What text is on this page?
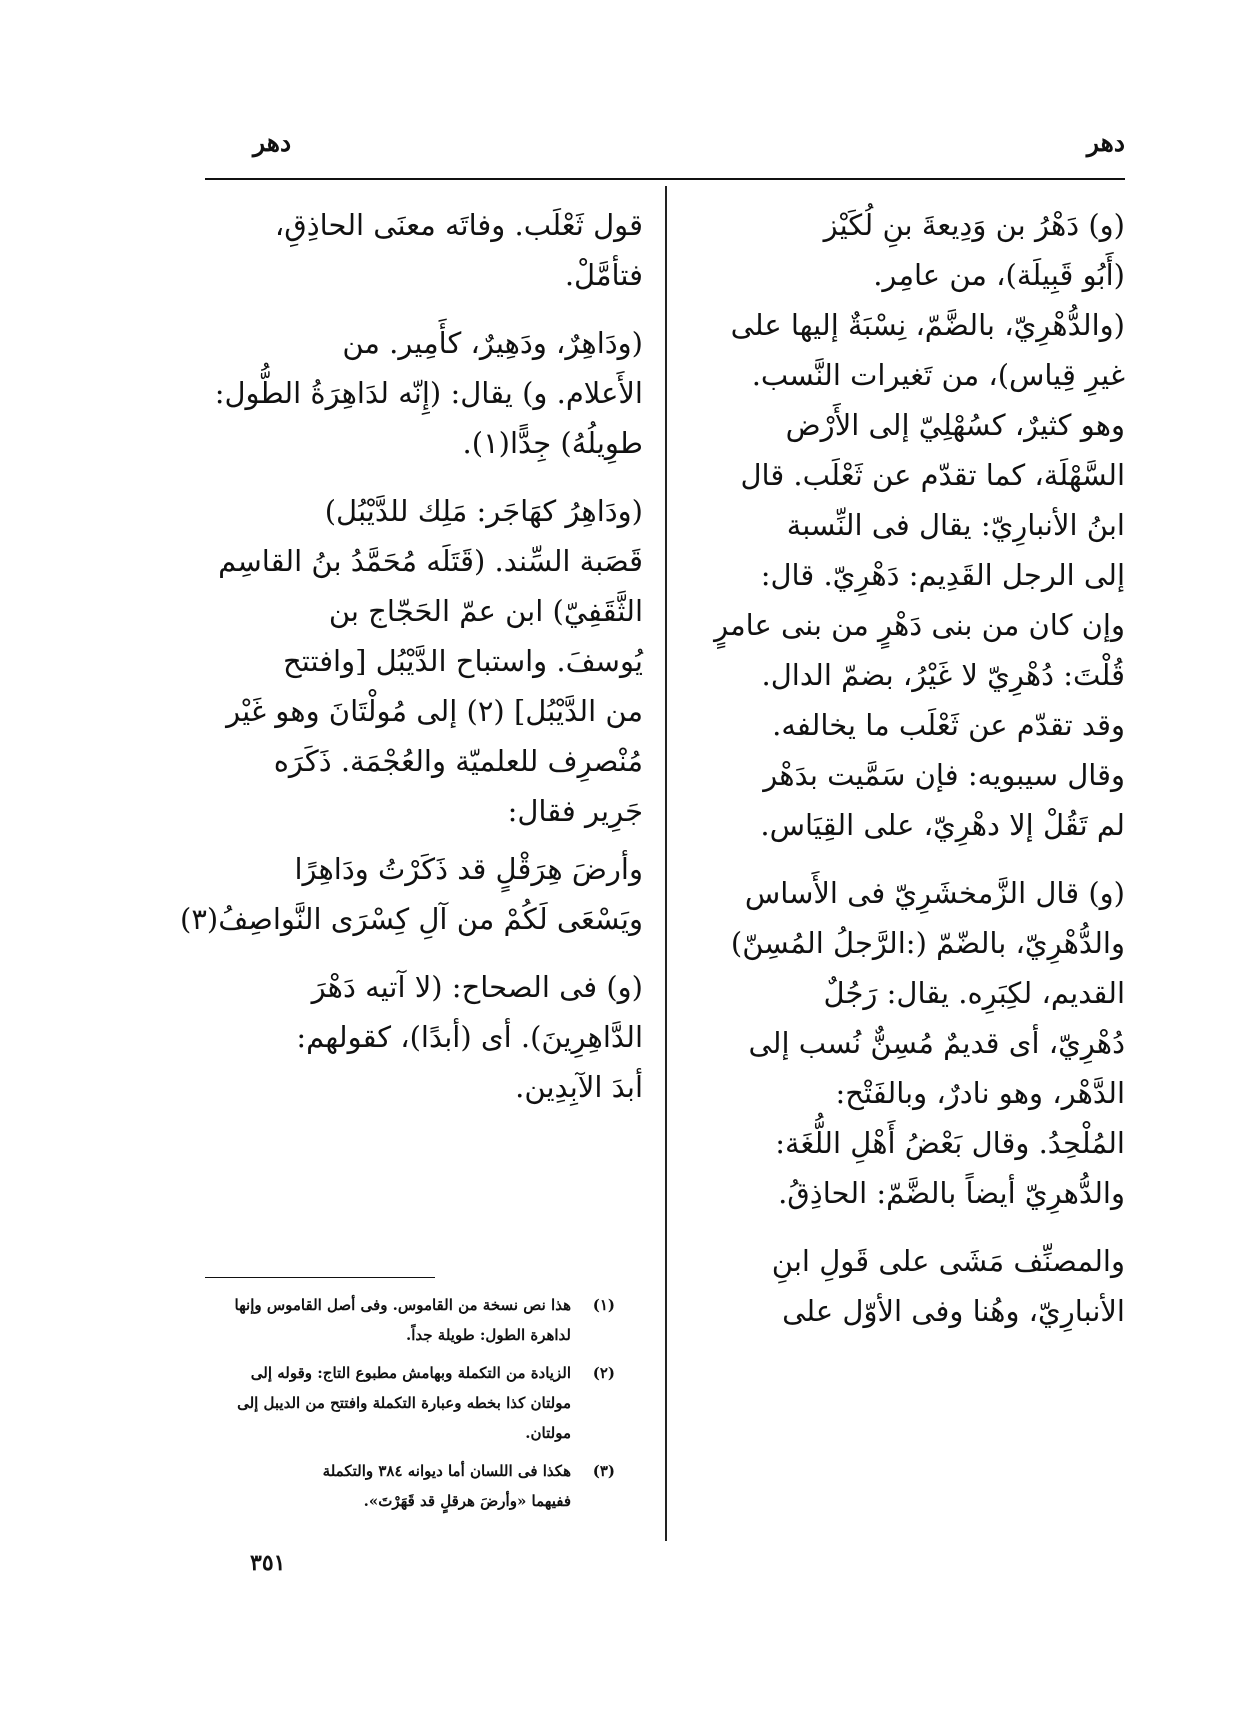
دهر
دهر
(و) دَهْرُ بن وَدِيعةَ بنِ لُكَيْز
(أَبُو قَبِيلَة)، من عامِر.
(والدُّهْرِيّ، بالضَّمّ، نِسْبَةٌ إليها على
غيرِ قِياس)، من تَغيرات النَّسب.
وهو كثيرٌ، كسُهْلِيّ إلى الأَرْض
السَّهْلَة، كما تقدّم عن ثَعْلَب. قال
ابنُ الأنبارِيّ: يقال فى النِّسبة
إلى الرجل القَدِيم: دَهْرِيّ. قال:
وإن كان من بنى دَهْرٍ من بنى عامرٍ
قُلْتَ: دُهْرِيّ لا غَيْرُ، بضمّ الدال.
وقد تقدّم عن ثَعْلَب ما يخالفه.
وقال سيبويه: فإن سَمَّيت بدَهْر
لم تَقُلْ إلا دهْرِيّ، على القِيَاس.
(و) قال الزَّمخشَرِيّ فى الأَساس
والدُّهْرِيّ، بالضّمّ (:الرَّجلُ المُسِنّ)
القديم، لكِبَرِه. يقال: رَجُلٌ
دُهْرِيّ، أى قديمٌ مُسِنٌّ نُسب إلى
الدَّهْر، وهو نادرٌ، وبالفَتْح:
المُلْحِدُ. وقال بَعْضُ أَهْلِ اللُّغَة:
والدُّهرِيّ أيضاً بالضَّمّ: الحاذِقُ.
والمصنِّف مَشَى على قَولِ ابنِ
الأنبارِيّ، وهُنا وفى الأوّل على
قول ثَعْلَب. وفاتَه معنَى الحاذِقِ،
فتأمَّلْ.
(ودَاهِرٌ، ودَهِيرٌ، كأَمِير. من
الأَعلام. و) يقال: (إِنّه لدَاهِرَةُ الطُّول:
طوِيلُهُ) جِدًّا(١).
(ودَاهِرُ كهَاجَر: مَلِك للدَّيْبُل)
قَصَبة السِّند. (قَتَلَه مُحَمَّدُ بنُ القاسِم
الثَّقَفِيّ) ابن عمّ الحَجّاج بن
يُوسفَ. واستباح الدَّيْبُل [وافتتح
من الدَّيْبُل] (٢) إلى مُولْتَانَ وهو غَيْر
مُنْصرِف للعلميّة والعُجْمَة. ذَكَرَه
جَرِير فقال:
وأرضَ هِرَقْلٍ قد ذَكَرْتُ ودَاهِرًا
ويَسْعَى لَكُمْ من آلِ كِسْرَى النَّواصِفُ(٣)
(و) فى الصحاح: (لا آتيه دَهْرَ
الدَّاهِرِينَ). أى (أبدًا)، كقولهم:
أبدَ الآبِدِين.
(١)
هذا نص نسخة من القاموس. وفى أصل القاموس وإنها
لداهرة الطول: طويلة جداً.
(٢)
الزيادة من التكملة وبهامش مطبوع التاج: وقوله إلى
مولتان كذا بخطه وعبارة التكملة وافتتح من الديبل إلى
مولتان.
(٣)
هكذا فى اللسان أما ديوانه ٣٨٤ والتكملة
ففيهما «وأرضَ هرقلٍ قد قَهَرْتَ».
٣٥١
